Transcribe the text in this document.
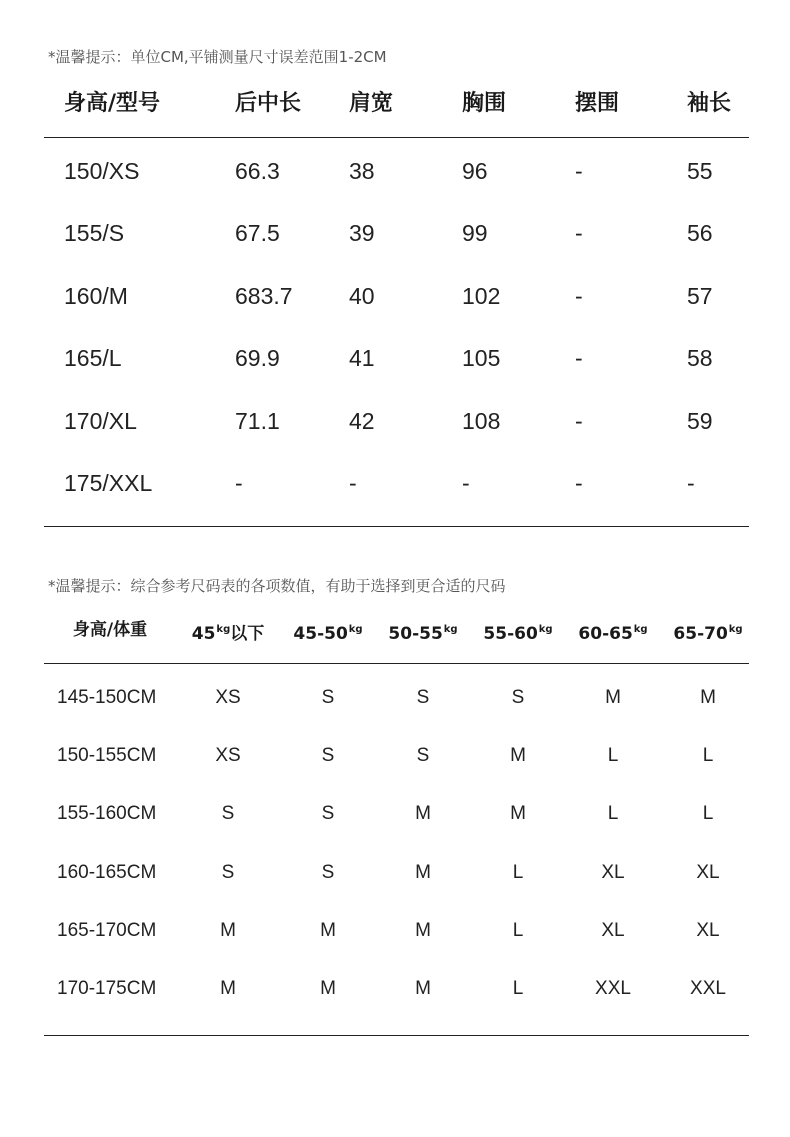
*温馨提示：单位CM,平铺测量尺寸误差范围1-2CM
身高/型号	后中长 肩宽	胸围	摆围	袖长
150/XS	66.3	38	96	-	55
155/S	67.5	39	99	-	56
160/M	683.7 40	102	-	57
165/L	69.9	41	105	-	58
170/XL	71.1	42	108	-	59
175/XXL	-	-	-	-	-
*温馨提示：综合参考尺码表的各项数值，有助于选择到更合适的尺码
身高/体重	$45^{kg}$以下 $45-50^{kg}$ $50-55^{kg}$ $55-60^{kg}$ $60-65^{kg}$ $65-70^{kg}$
145-150CM	XS	S	S	S	M	M
150-155CM	XS	S	S	M	L	L
155-160CM	S	S	M	M	L	L
160-165CM	S	S	M	L	XL	XL
165-170CM	M	M	M	L	XL	XL
170-175CM	M	M	M	L	XXL	XXL
